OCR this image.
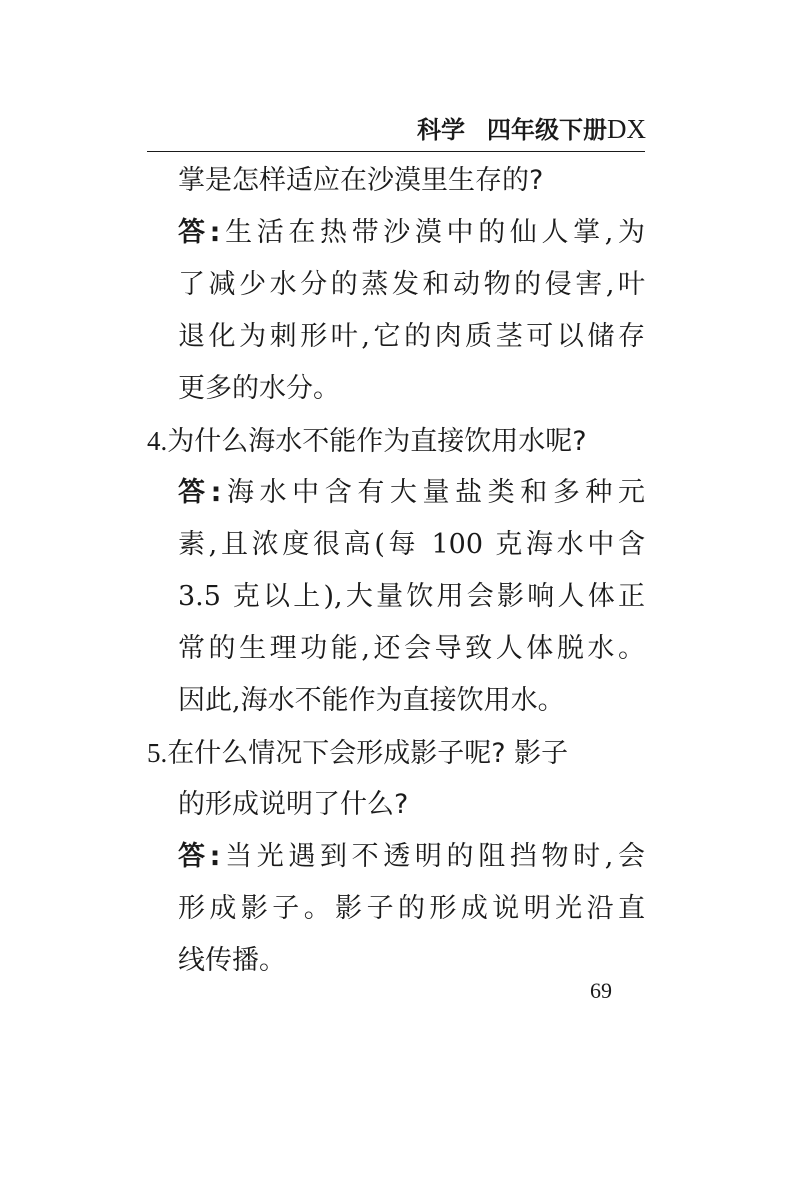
科学 四年级下册DX
掌是怎样适应在沙漠里生存的?
答:生活在热带沙漠中的仙人掌,为
了减少水分的蒸发和动物的侵害,叶
退化为刺形叶,它的肉质茎可以储存
更多的水分。
4.为什么海水不能作为直接饮用水呢?
答:海水中含有大量盐类和多种元
素,且浓度很高(每 100 克海水中含
3.5 克以上),大量饮用会影响人体正
常的生理功能,还会导致人体脱水。
因此,海水不能作为直接饮用水。
5.在什么情况下会形成影子呢? 影子
的形成说明了什么?
答:当光遇到不透明的阻挡物时,会
形成影子。影子的形成说明光沿直
线传播。
69
